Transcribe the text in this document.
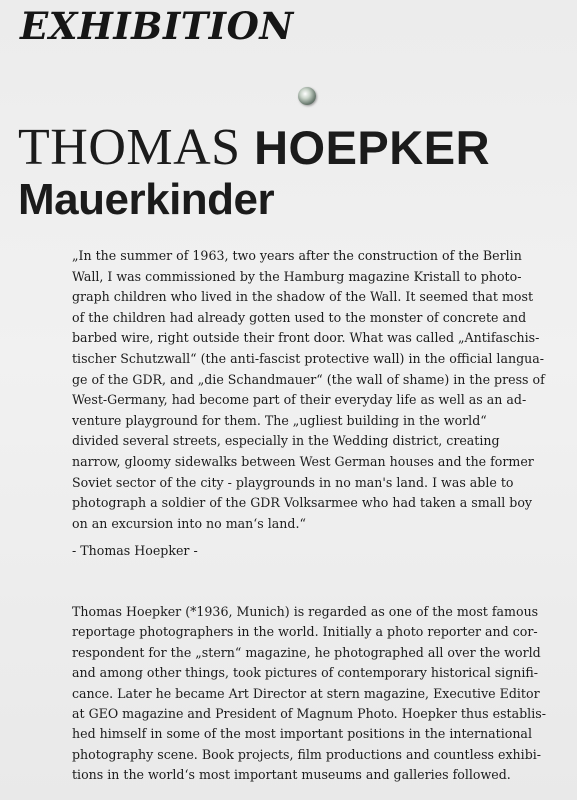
EXHIBITION
THOMAS HOEPKER
Mauerkinder
„In the summer of 1963, two years after the construction of the Berlin
Wall, I was commissioned by the Hamburg magazine Kristall to photo-
graph children who lived in the shadow of the Wall. It seemed that most
of the children had already gotten used to the monster of concrete and
barbed wire, right outside their front door. What was called „Antifaschis-
tischer Schutzwall“ (the anti-fascist protective wall) in the official langua-
ge of the GDR, and „die Schandmauer“ (the wall of shame) in the press of
West-Germany, had become part of their everyday life as well as an ad-
venture playground for them. The „ugliest building in the world“
divided several streets, especially in the Wedding district, creating
narrow, gloomy sidewalks between West German houses and the former
Soviet sector of the city - playgrounds in no man's land. I was able to
photograph a soldier of the GDR Volksarmee who had taken a small boy
on an excursion into no man‘s land.“
- Thomas Hoepker -
Thomas Hoepker (*1936, Munich) is regarded as one of the most famous
reportage photographers in the world. Initially a photo reporter and cor-
respondent for the „stern“ magazine, he photographed all over the world
and among other things, took pictures of contemporary historical signifi-
cance. Later he became Art Director at stern magazine, Executive Editor
at GEO magazine and President of Magnum Photo. Hoepker thus establis-
hed himself in some of the most important positions in the international
photography scene. Book projects, film productions and countless exhibi-
tions in the world‘s most important museums and galleries followed.
